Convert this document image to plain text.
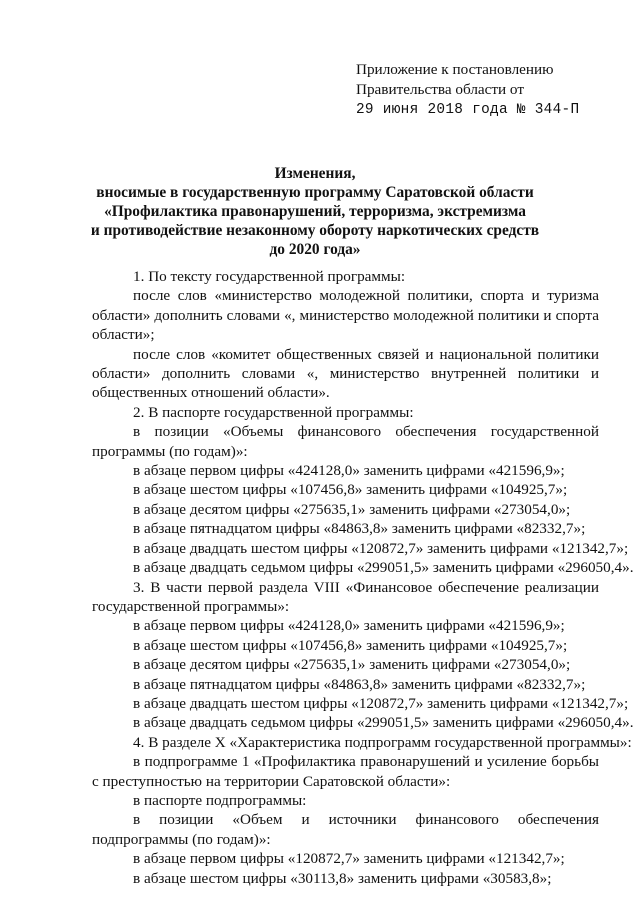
Приложение к постановлению
Правительства области от
29 июня 2018 года № 344-П
Изменения,
вносимые в государственную программу Саратовской области
«Профилактика правонарушений, терроризма, экстремизма
и противодействие незаконному обороту наркотических средств
до 2020 года»

1. По тексту государственной программы:

после слов «министерство молодежной политики, спорта и туризма области» дополнить словами «, министерство молодежной политики и спорта области»;

после слов «комитет общественных связей и национальной политики области» дополнить словами «, министерство внутренней политики и общественных отношений области».

2. В паспорте государственной программы:

в позиции «Объемы финансового обеспечения государственной программы (по годам)»:

в абзаце первом цифры «424128,0» заменить цифрами «421596,9»;

в абзаце шестом цифры «107456,8» заменить цифрами «104925,7»;

в абзаце десятом цифры «275635,1» заменить цифрами «273054,0»;

в абзаце пятнадцатом цифры «84863,8» заменить цифрами «82332,7»;

в абзаце двадцать шестом цифры «120872,7» заменить цифрами «121342,7»;

в абзаце двадцать седьмом цифры «299051,5» заменить цифрами «296050,4».

3. В части первой раздела VIII «Финансовое обеспечение реализации государственной программы»:

в абзаце первом цифры «424128,0» заменить цифрами «421596,9»;

в абзаце шестом цифры «107456,8» заменить цифрами «104925,7»;

в абзаце десятом цифры «275635,1» заменить цифрами «273054,0»;

в абзаце пятнадцатом цифры «84863,8» заменить цифрами «82332,7»;

в абзаце двадцать шестом цифры «120872,7» заменить цифрами «121342,7»;

в абзаце двадцать седьмом цифры «299051,5» заменить цифрами «296050,4».

4. В разделе X «Характеристика подпрограмм государственной программы»:

в подпрограмме 1 «Профилактика правонарушений и усиление борьбы с преступностью на территории Саратовской области»:

в паспорте подпрограммы:

в позиции «Объем и источники финансового обеспечения подпрограммы (по годам)»:

в абзаце первом цифры «120872,7» заменить цифрами «121342,7»;

в абзаце шестом цифры «30113,8» заменить цифрами «30583,8»;
